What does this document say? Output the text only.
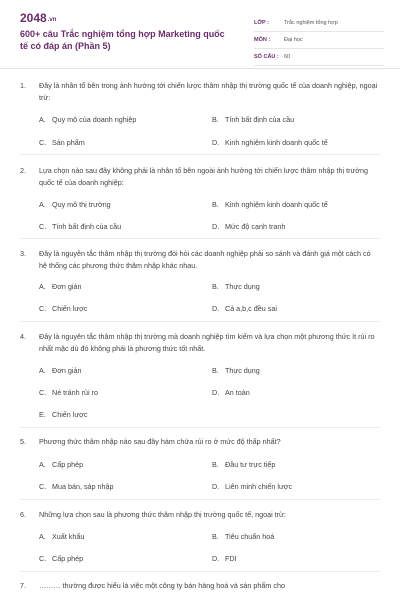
2048.vn
600+ câu Trắc nghiệm tổng hợp Marketing quốc tế có đáp án (Phần 5)
LỚP :	Trắc nghiệm tổng hợp
MÔN :	Đại học
SỐ CÂU : 60
1.	Đây là nhân tố bên trong ảnh hưởng tới chiến lược thâm nhập thị trường quốc tế của doanh nghiệp, ngoại trừ:
A. Quy mô của doanh nghiệp	B. Tính bất định của cầu
C. Sản phẩm	D. Kinh nghiệm kinh doanh quốc tế
2.	Lựa chọn nào sau đây không phải là nhân tố bên ngoài ảnh hưởng tới chiến lược thâm nhập thị trường quốc tế của doanh nghiệp:
A. Quy mô thị trường	B. Kinh nghiệm kinh doanh quốc tế
C. Tính bất định của cầu	D. Mức độ cạnh tranh
3.	Đây là nguyên tắc thâm nhập thị trường đòi hỏi các doanh nghiệp phải so sánh và đánh giá một cách có hệ thống các phương thức thâm nhập khác nhau.
A. Đơn giản	B. Thực dụng
C. Chiến lược	D. Cả a,b,c đều sai
4.	Đây là nguyên tắc thâm nhập thị trường mà doanh nghiệp tìm kiếm và lựa chọn một phương thức ít rủi ro nhất mặc dù đó không phải là phương thức tốt nhất.
A. Đơn giản	B. Thực dụng
C. Né tránh rủi ro	D. An toàn
E. Chiến lược
5.	Phương thức thâm nhập nào sau đây hàm chứa rủi ro ở mức độ thấp nhất?
A. Cấp phép	B. Đầu tư trực tiếp
C. Mua bán, sáp nhập	D. Liên minh chiến lược
6.	Những lựa chọn sau là phương thức thâm nhập thị trường quốc tế, ngoại trừ:
A. Xuất khẩu	B. Tiêu chuẩn hoá
C. Cấp phép	D. FDI
7.	……… thường được hiểu là việc một công ty bán hàng hoá và sản phẩm cho
